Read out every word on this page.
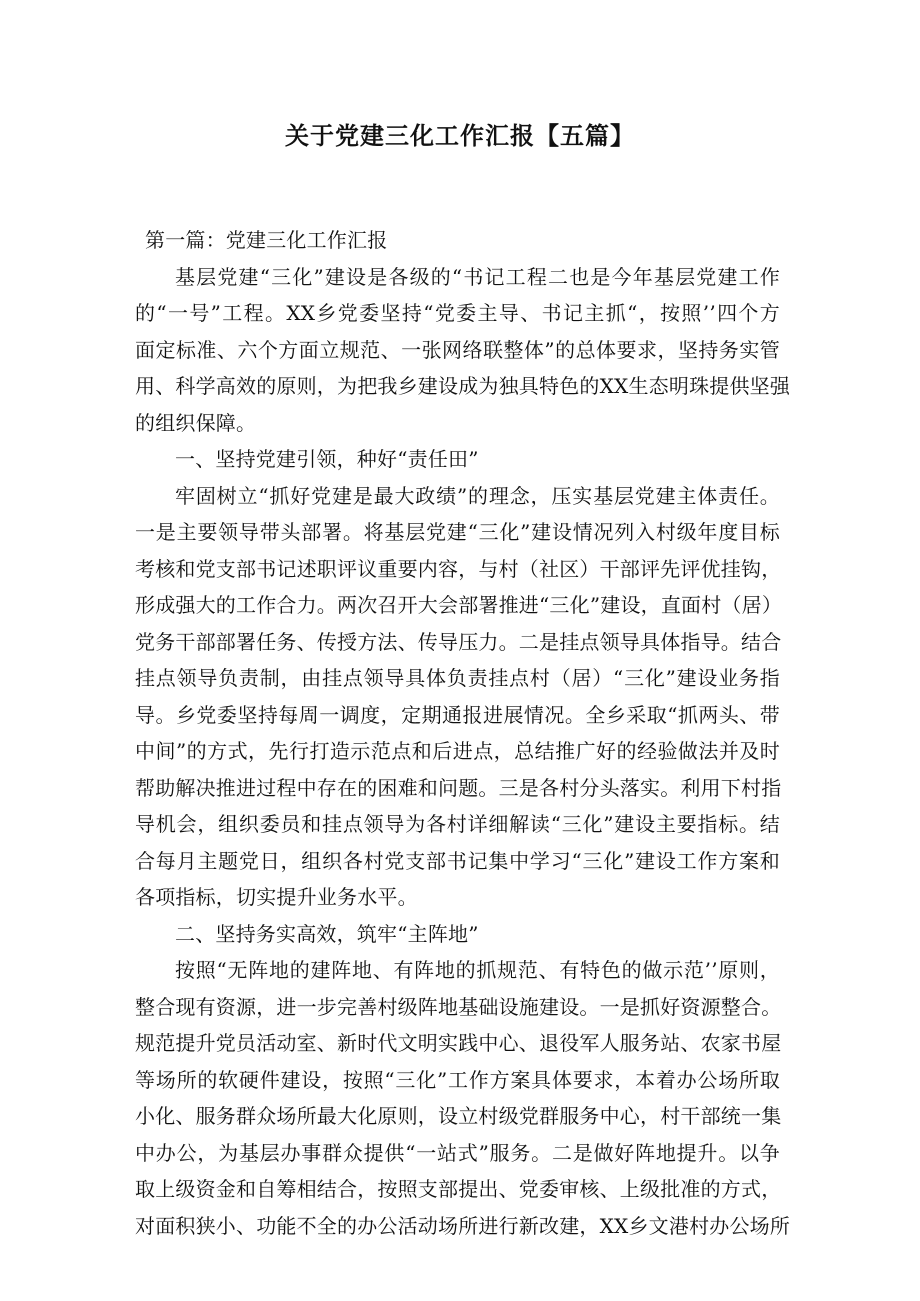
关于党建三化工作汇报【五篇】
第一篇：党建三化工作汇报
基层党建“三化”建设是各级的“书记工程二也是今年基层党建工作
的“一号”工程。XX乡党委坚持“党委主导、书记主抓“，按照’’四个方
面定标准、六个方面立规范、一张网络联整体”的总体要求，坚持务实管
用、科学高效的原则，为把我乡建设成为独具特色的XX生态明珠提供坚强
的组织保障。
一、坚持党建引领，种好“责任田”
牢固树立“抓好党建是最大政绩”的理念，压实基层党建主体责任。
一是主要领导带头部署。将基层党建“三化”建设情况列入村级年度目标
考核和党支部书记述职评议重要内容，与村（社区）干部评先评优挂钩，
形成强大的工作合力。两次召开大会部署推进“三化”建设，直面村（居）
党务干部部署任务、传授方法、传导压力。二是挂点领导具体指导。结合
挂点领导负责制，由挂点领导具体负责挂点村（居）“三化”建设业务指
导。乡党委坚持每周一调度，定期通报进展情况。全乡采取“抓两头、带
中间”的方式，先行打造示范点和后进点，总结推广好的经验做法并及时
帮助解决推进过程中存在的困难和问题。三是各村分头落实。利用下村指
导机会，组织委员和挂点领导为各村详细解读“三化”建设主要指标。结
合每月主题党日，组织各村党支部书记集中学习“三化”建设工作方案和
各项指标，切实提升业务水平。
二、坚持务实高效，筑牢“主阵地”
按照“无阵地的建阵地、有阵地的抓规范、有特色的做示范’’原则，
整合现有资源，进一步完善村级阵地基础设施建设。一是抓好资源整合。
规范提升党员活动室、新时代文明实践中心、退役军人服务站、农家书屋
等场所的软硬件建设，按照“三化”工作方案具体要求，本着办公场所取
小化、服务群众场所最大化原则，设立村级党群服务中心，村干部统一集
中办公，为基层办事群众提供“一站式”服务。二是做好阵地提升。以争
取上级资金和自筹相结合，按照支部提出、党委审核、上级批准的方式，
对面积狭小、功能不全的办公活动场所进行新改建，XX乡文港村办公场所
